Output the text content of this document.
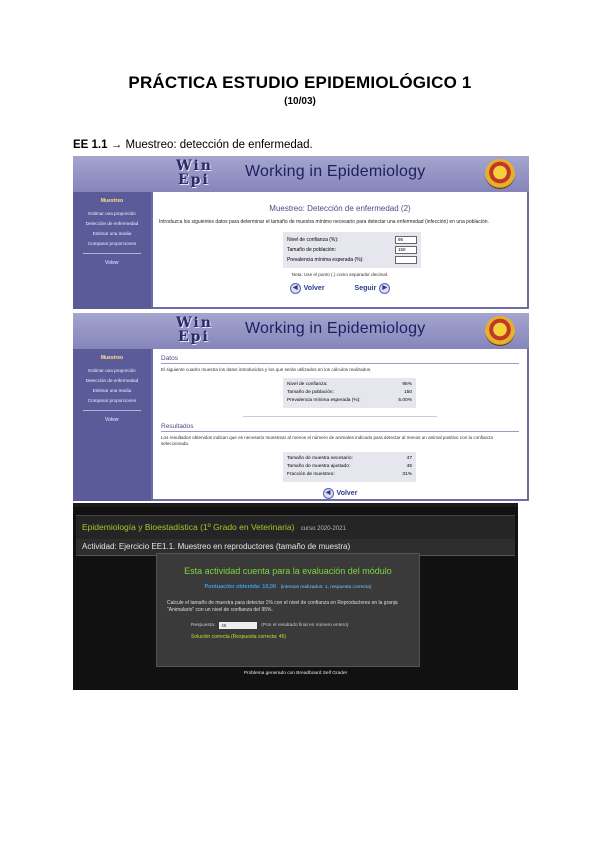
PRÁCTICA ESTUDIO EPIDEMIOLÓGICO 1
(10/03)
EE 1.1 → Muestreo: detección de enfermedad.
Win
Epi	Working in Epidemiology
Muestreo
Estimar una proporción
Detección de enfermedad
Estimar una media
Comparar proporciones
Volver
Muestreo: Detección de enfermedad (2)
Introduzca los siguientes datos para determinar el tamaño de muestra mínimo necesario para detectar una enfermedad (infección) en una población.
Nivel de confianza (%):	95
Tamaño de población:	150
Prevalencia mínima esperada (%):
Nota: Use el punto (.) como separador decimal.
◀ Volver	Seguir	▶
Win
Epi	Working in Epidemiology
Muestreo
Estimar una proporción
Detección de enfermedad
Estimar una media
Comparar proporciones
Volver
Datos
El siguiente cuadro muestra los datos introducidos y los que serán utilizados en los cálculos realizados.
Nivel de confianza:	95%
Tamaño de población:	150
Prevalencia mínima esperada (%):	5.00%
Resultados
Los resultados obtenidos indican que es necesario muestrear al menos el número de animales indicado para detectar al menos un animal positivo con la confianza seleccionada.
Tamaño de muestra necesario:	47
Tamaño de muestra ajustado:	46
Fracción de muestreo:	31%
◀ Volver
Epidemiología y Bioestadística (1º Grado en Veterinaria) curso 2020-2021
Actividad: Ejercicio EE1.1. Muestreo en reproductores (tamaño de muestra)
Esta actividad cuenta para la evaluación del módulo
Puntuación obtenida: 10,00 (intentos realizados: 1, respuesta correcta)
Calcule el tamaño de muestra para detectar 1% con el nivel de confianza en Reproductores en la granja "Animalario" con un nivel de confianza del 95%.
Respuesta:	46	(Pon el resultado final en número entero)
Solución correcta (Respuesta correcta: 46)
Problema generado con Breadboard Self Grader
